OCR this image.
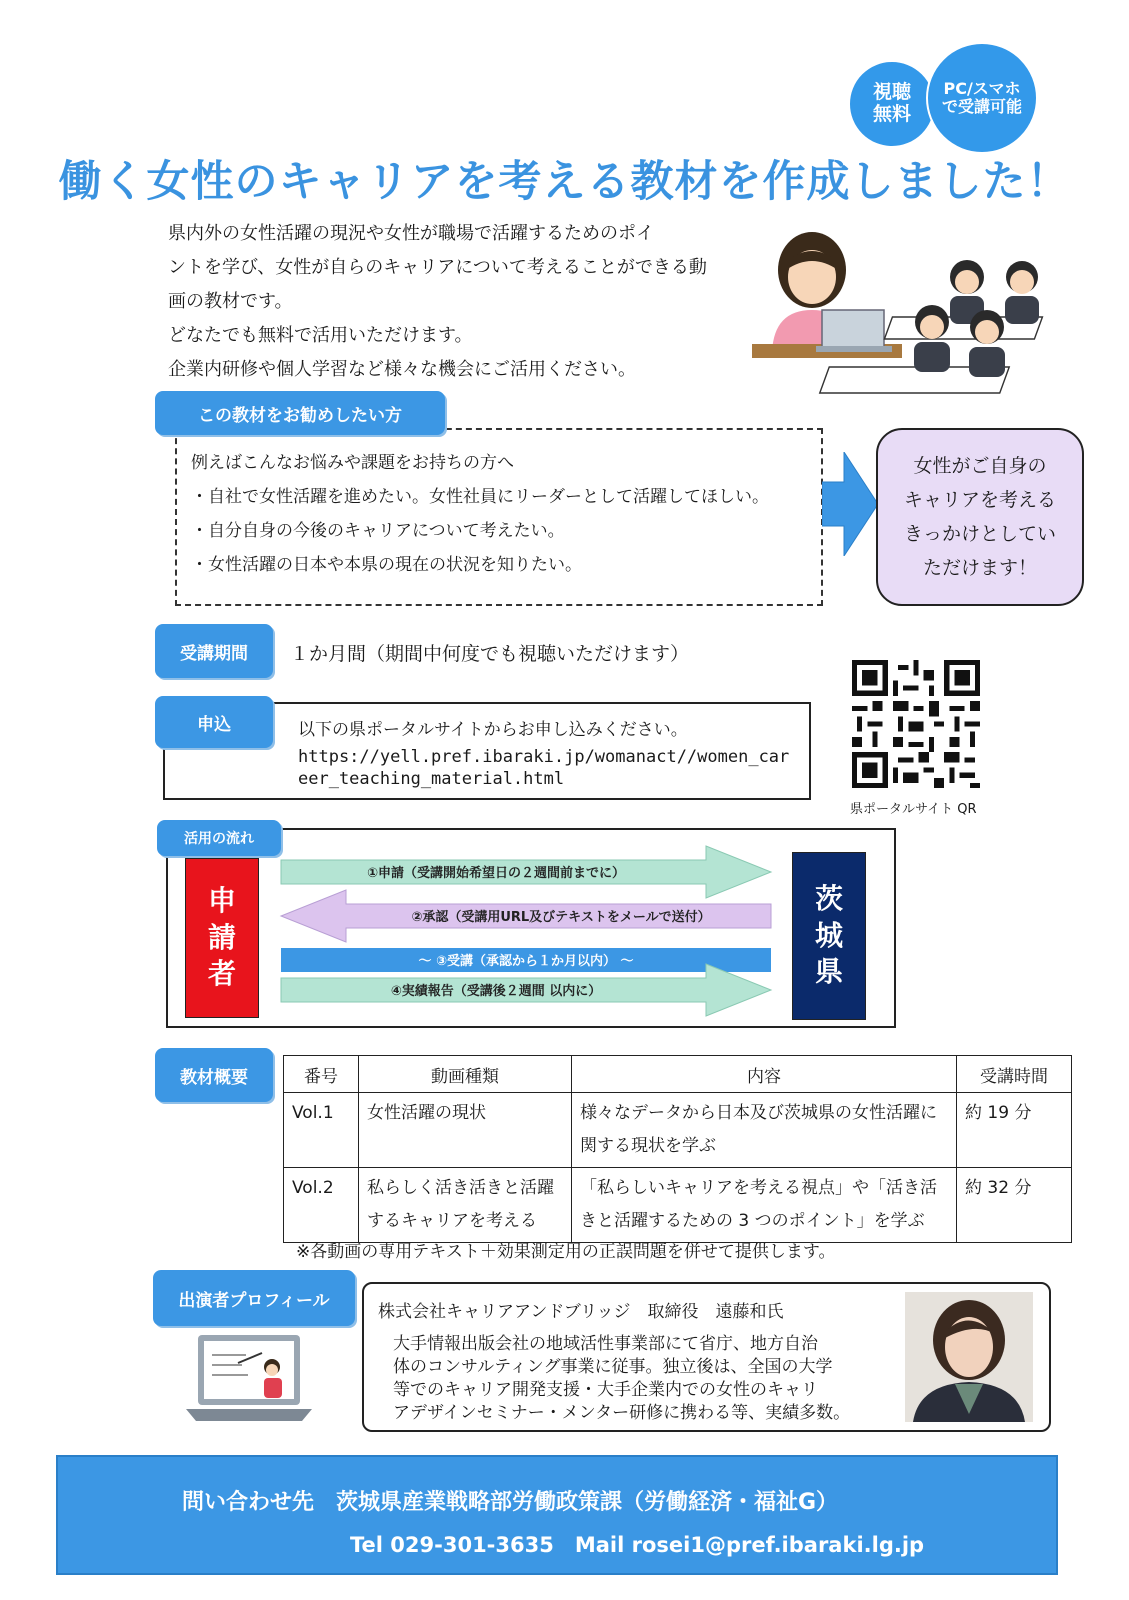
視聴
無料
PC/スマホ
で受講可能
働く女性のキャリアを考える教材を作成しました！
県内外の女性活躍の現況や女性が職場で活躍するためのポイ
ントを学び、女性が自らのキャリアについて考えることができる動
画の教材です。
どなたでも無料で活用いただけます。
企業内研修や個人学習など様々な機会にご活用ください。
この教材をお勧めしたい方
例えばこんなお悩みや課題をお持ちの方へ
・自社で女性活躍を進めたい。女性社員にリーダーとして活躍してほしい。
・自分自身の今後のキャリアについて考えたい。
・女性活躍の日本や本県の現在の状況を知りたい。
女性がご自身の
キャリアを考える
きっかけとしてい
ただけます！
受講期間	１か月間（期間中何度でも視聴いただけます）
申込	以下の県ポータルサイトからお申し込みください。
https://yell.pref.ibaraki.jp/womanact//women_car
eer_teaching_material.html
県ポータルサイト QR
活用の流れ
申
請
者
茨
城
県
①申請（受講開始希望日の２週間前までに）
②承認（受講用URL及びテキストをメールで送付）
～ ③受講（承認から１か月以内） ～
④実績報告（受講後２週間 以内に）
教材概要	番号	動画種類	内容	受講時間
Vol.1	女性活躍の現状	様々なデータから日本及び茨城県の女性活躍に関する現状を学ぶ	約 19 分
Vol.2	私らしく活き活きと活躍するキャリアを考える	「私らしいキャリアを考える視点」や「活き活きと活躍するための 3 つのポイント」を学ぶ	約 32 分
※各動画の専用テキスト＋効果測定用の正誤問題を併せて提供します。
出演者プロフィール
株式会社キャリアアンドブリッジ　取締役　遠藤和氏
大手情報出版会社の地域活性事業部にて省庁、地方自治
体のコンサルティング事業に従事。独立後は、全国の大学
等でのキャリア開発支援・大手企業内での女性のキャリ
アデザインセミナー・メンター研修に携わる等、実績多数。
問い合わせ先　茨城県産業戦略部労働政策課（労働経済・福祉G）
Tel 029-301-3635　Mail rosei1@pref.ibaraki.lg.jp
